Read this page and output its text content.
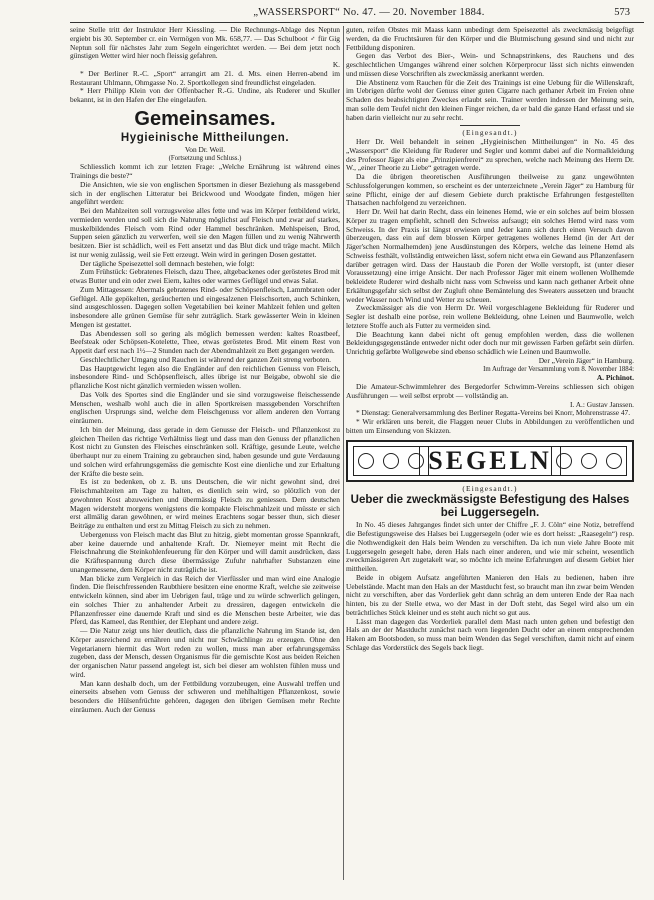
„WASSERSPORT“ No. 47. — 20. November 1884.	573

seine Stelle tritt der Instruktor Herr Kiessling. — Die Rechnungs-Ablage des Neptun ergiebt bis 30. September cr. ein Vermögen von Mk. 658,77. — Das Schulboot ♂ für Gig Neptun soll für nächstes Jahr zum Segeln eingerichtet werden. — Bei dem jetzt noch günstigen Wetter wird hier noch fleissig gefahren.

K.

* Der Berliner R.-C. „Sport“ arrangirt am 21. d. Mts. einen Herren-abend im Restaurant Uhlmann, Ohmgasse No. 2. Sportkollegen sind freundlichst eingeladen.

* Herr Philipp Klein von der Offenbacher R.-G. Undine, als Ruderer und Skuller bekannt, ist in den Hafen der Ehe eingelaufen.

Gemeinsames.
Hygieinische Mittheilungen.
Von Dr. Weil.
(Fortsetzung und Schluss.)

Schliesslich kommt ich zur letzten Frage: „Welche Ernährung ist während eines Trainings die beste?“

Die Ansichten, wie sie von englischen Sportsmen in dieser Beziehung als massgebend sich in der englischen Litteratur bei Brickwood und Woodgate finden, mögen hier angeführt werden:

Bei den Mahlzeiten soll vorzugsweise alles fette und was im Körper fettbildend wirkt, vermieden werden und soll sich die Nahrung möglichst auf Fleisch und zwar auf starkes, muskelbildendes Fleisch vom Rind oder Hammel beschränken. Mehlspeisen, Brod, Suppen seien gänzlich zu verwerfen, weil sie den Magen füllen und zu wenig Nährwerth besitzen. Bier ist schädlich, weil es Fett ansetzt und das Blut dick und träge macht. Milch ist nur wenig zulässig, weil sie Fett erzeugt. Wein wird in geringen Dosen gestattet.

Der tägliche Speisezettel soll demnach bestehen, wie folgt:

Zum Frühstück: Gebratenes Fleisch, dazu Thee, altgebackenes oder geröstetes Brod mit etwas Butter und ein oder zwei Eiern, kaltes oder warmes Geflügel und etwas Salat.

Zum Mittagessen: Abermals gebratenes Rind- oder Schöpsenfleisch, Lammbraten oder Geflügel. Alle gepökelten, geräucherten und eingesalzenen Fleischsorten, auch Schinken, sind ausgeschlossen. Dagegen sollen Vegetabilien bei keiner Mahlzeit fehlen und gelten insbesondere alle grünen Gemüse für sehr zuträglich. Stark gewässerter Wein in kleinen Mengen ist gestattet.

Das Abendessen soll so gering als möglich bemessen werden: kaltes Roastbeef, Beefsteak oder Schöpsen-Kotelette, Thee, etwas geröstetes Brod. Mit einem Rest von Appetit darf erst nach 1½—2 Stunden nach der Abendmahlzeit zu Bett gegangen werden.

Geschlechtlicher Umgang und Rauchen ist während der ganzen Zeit streng verboten.

Das Hauptgewicht legen also die Engländer auf den reichlichen Genuss von Fleisch, insbesondere Rind- und Schöpsenfleisch, alles übrige ist nur Beigabe, obwohl sie die pflanzliche Kost nicht gänzlich vermieden wissen wollen.

Das Volk des Sportes sind die Engländer und sie sind vorzugsweise fleischessende Menschen, weshalb wohl auch die in allen Sportkreisen massgebenden Vorschriften englischen Ursprungs sind, welche dem Fleischgenuss vor allem anderen den Vorrang einräumen.

Ich bin der Meinung, dass gerade in dem Genusse der Fleisch- und Pflanzenkost zu gleichen Theilen das richtige Verhältniss liegt und dass man den Genuss der pflanzlichen Kost nicht zu Gunsten des Fleisches einschränken soll. Kräftige, gesunde Leute, welche überhaupt nur zu einem Training zu gebrauchen sind, haben gesunde und gute Verdauung und solchen wird erfahrungsgemäss die gemischte Kost eine dienliche und zur Erhaltung der Kräfte die beste sein.

Es ist zu bedenken, ob z. B. uns Deutschen, die wir nicht gewohnt sind, drei Fleischmahlzeiten am Tage zu halten, es dienlich sein wird, so plötzlich von der gewohnten Kost abzuweichen und übermässig Fleisch zu geniessen. Dem deutschen Magen widersteht morgens wenigstens die kompakte Fleischmahlzeit und müsste er sich erst allmälig daran gewöhnen, er wird meines Erachtens sogar besser thun, sich dieser Beiträge zu enthalten und erst zu Mittag Fleisch zu sich zu nehmen.

Uebergenuss von Fleisch macht das Blut zu hitzig, giebt momentan grosse Spannkraft, aber keine dauernde und anhaltende Kraft. Dr. Niemeyer meint mit Recht die Fleischnahrung die Steinkohlenfeuerung für den Körper und will damit ausdrücken, dass die Kräftespannung durch diese übermässige Zufuhr nahrhafter Substanzen eine unangemessene, dem Körper nicht zuträgliche ist.

Man blicke zum Vergleich in das Reich der Vierfüssler und man wird eine Analogie finden. Die fleischfressenden Raubthiere besitzen eine enorme Kraft, welche sie zeitweise entwickeln können, sind aber im Uebrigen faul, träge und zu würde schwerlich gelingen, ein solches Thier zu anhaltender Arbeit zu dressiren, dagegen entwickeln die Pflanzenfresser eine dauernde Kraft und sind es die Menschen beste Arbeiter, wie das Pferd, das Kameel, das Renthier, der Elephant und andere zeigt.

— Die Natur zeigt uns hier deutlich, dass die pflanzliche Nahrung im Stande ist, den Körper ausreichend zu ernähren und nicht nur Schwächlinge zu erzeugen. Ohne den Vegetarianern hiermit das Wort reden zu wollen, muss man aber erfahrungsgemäss zugeben, dass der Mensch, dessen Organismus für die gemischte Kost aus beiden Reichen der organischen Natur passend angelegt ist, sich bei dieser am wohlsten fühlen muss und wird.

Man kann deshalb doch, um der Fettbildung vorzubeugen, eine Auswahl treffen und einerseits absehen vom Genuss der schweren und mehlhaltigen Pflanzenkost, sowie besonders die Hülsenfrüchte gehören, dagegen den übrigen Gemüsen mehr Rechte einräumen. Auch der Genuss

guten, reifen Obstes mit Maass kann unbedingt dem Speisezettel als zweckmässig beigefügt werden, da die Fruchtsäuren für den Körper und die Blutmischung gesund sind und nicht zur Fettbildung disponiren.

Gegen das Verbot des Bier-, Wein- und Schnapstrinkens, des Rauchens und des geschlechtlichen Umganges während einer solchen Körperprocur lässt sich nichts einwenden und müssen diese Vorschriften als zweckmässig anerkannt werden.

Die Abstinenz vom Rauchen für die Zeit des Trainings ist eine Uebung für die Willenskraft, im Uebrigen dürfte wohl der Genuss einer guten Cigarre nach gethaner Arbeit im Freien ohne Schaden des beabsichtigten Zweckes erlaubt sein. Trainer werden indessen der Meinung sein, man solle dem Teufel nicht den kleinen Finger reichen, da er bald die ganze Hand erfasst und sie haben darin vielleicht nur zu sehr recht.

(Eingesandt.)

Herr Dr. Weil behandelt in seinen „Hygieinischen Mittheilungen“ in No. 45 des „Wassersport“ die Kleidung für Ruderer und Segler und kommt dabei auf die Normalkleidung des Professor Jäger als eine „Prinzipienfrerei“ zu sprechen, welche nach Meinung des Herrn Dr. W., „einer Theorie zu Liebe“ getragen werde.

Da die übrigen theoretischen Ausführungen theilweise zu ganz ungewöhnten Schlussfolgerungen kommen, so erscheint es der unterzeichnete „Verein Jäger“ zu Hamburg für seine Pflicht, einige der auf diesem Gebiete durch praktische Erfahrungen festgestellten Thatsachen nachfolgend zu verzeichnen.

Herr Dr. Weil hat darin Recht, dass ein leinenes Hemd, wie er ein solches auf beim blossen Körper zu tragen empfiehlt, schnell den Schweiss aufsaugt; ein solches Hemd wird nass vom Schweiss. In der Praxis ist längst erwiesen und Jeder kann sich durch einen Versuch davon überzeugen, dass ein auf dem blossen Körper getragenes wollenes Hemd (in der Art der Jäger'schen Normalhemden) jene Ausdünstungen des Körpers, welche das leinene Hemd als Schweiss festhält, vollständig entweichen lässt, sofern nicht etwa ein Gewand aus Pflanzenfasern darüber getragen wird. Dass der Haustaub die Poren der Wolle verstopft, ist (unter dieser Voraussetzung) eine irrige Ansicht. Der nach Professor Jäger mit einem wollenen Wollhemde bekleidete Ruderer wird deshalb nicht nass vom Schweiss und kann nach gethaner Arbeit ohne Erkältungsgefahr sich selbst der Zugluft ohne Bemäntelung des Sweaters aussetzen und braucht weder Wasser noch Wind und Wetter zu scheuen.

Zweckmässiger als die von Herrn Dr. Weil vorgeschlagene Bekleidung für Ruderer und Segler ist deshalb eine poröse, rein wollene Bekleidung, ohne Leinen und Baumwolle, welch letztere Stoffe auch als Futter zu vermeiden sind.

Die Beachtung kann dabei nicht oft genug empfohlen werden, dass die wollenen Bekleidungsgegenstände entweder nicht oder doch nur mit gewissen Farben gefärbt sein dürfen. Unrichtig gefärbte Wollgewebe sind ebenso schädlich wie Leinen und Baumwolle.

Der „Verein Jäger“ in Hamburg.
Im Auftrage der Versammlung vom 8. November 1884:
A. Pichinot.

Die Amateur-Schwimmlehrer des Bergedorfer Schwimm-Vereins schliessen sich obigen Ausführungen — weil selbst erprobt — vollständig an.

I. A.: Gustav Janssen.

* Dienstag: Generalversammlung des Berliner Regatta-Vereins bei Knorr, Mohrenstrasse 47.

* Wir erklären uns bereit, die Flaggen neuer Clubs in Abbildungen zu veröffentlichen und bitten um Einsendung von Skizzen.

SEGELN
(Eingesandt.)
Ueber die zweckmässigste Befestigung des Halses bei Luggersegeln.

In No. 45 dieses Jahrganges findet sich unter der Chiffre „F. J. Cöln“ eine Notiz, betreffend die Befestigungsweise des Halses bei Luggersegeln (oder wie es dort heisst: „Raasegeln“) resp. die Nothwendigkeit den Hals beim Wenden zu verschiften. Da ich nun viele Jahre Boote mit Luggersegeln gesegelt habe, deren Hals nach einer anderen, und wie mir scheint, wesentlich zweckmässigeren Art zugetakelt war, so möchte ich meine Erfahrungen auf diesem Gebiet hier mittheilen.

Beide in obigem Aufsatz angeführten Manieren den Hals zu bedienen, haben ihre Uebelstände. Macht man den Hals an der Mastducht fest, so braucht man ihn zwar beim Wenden nicht zu verschiften, aber das Vorderliek geht dann schräg an dem unteren Ende der Raa nach hinten, bis zu der Stelle etwa, wo der Mast in der Doft steht, das Segel wird also um ein beträchtliches Stück kleiner und es steht auch nicht so gut aus.

Lässt man dagegen das Vorderliek parallel dem Mast nach unten gehen und befestigt den Hals an der der Mastducht zunächst nach vorn liegenden Ducht oder an einem entsprechenden Haken am Bootsboden, so muss man beim Wenden das Segel verschiften, damit nicht auf einem Schlage das Vorderstück des Segels back liegt.
